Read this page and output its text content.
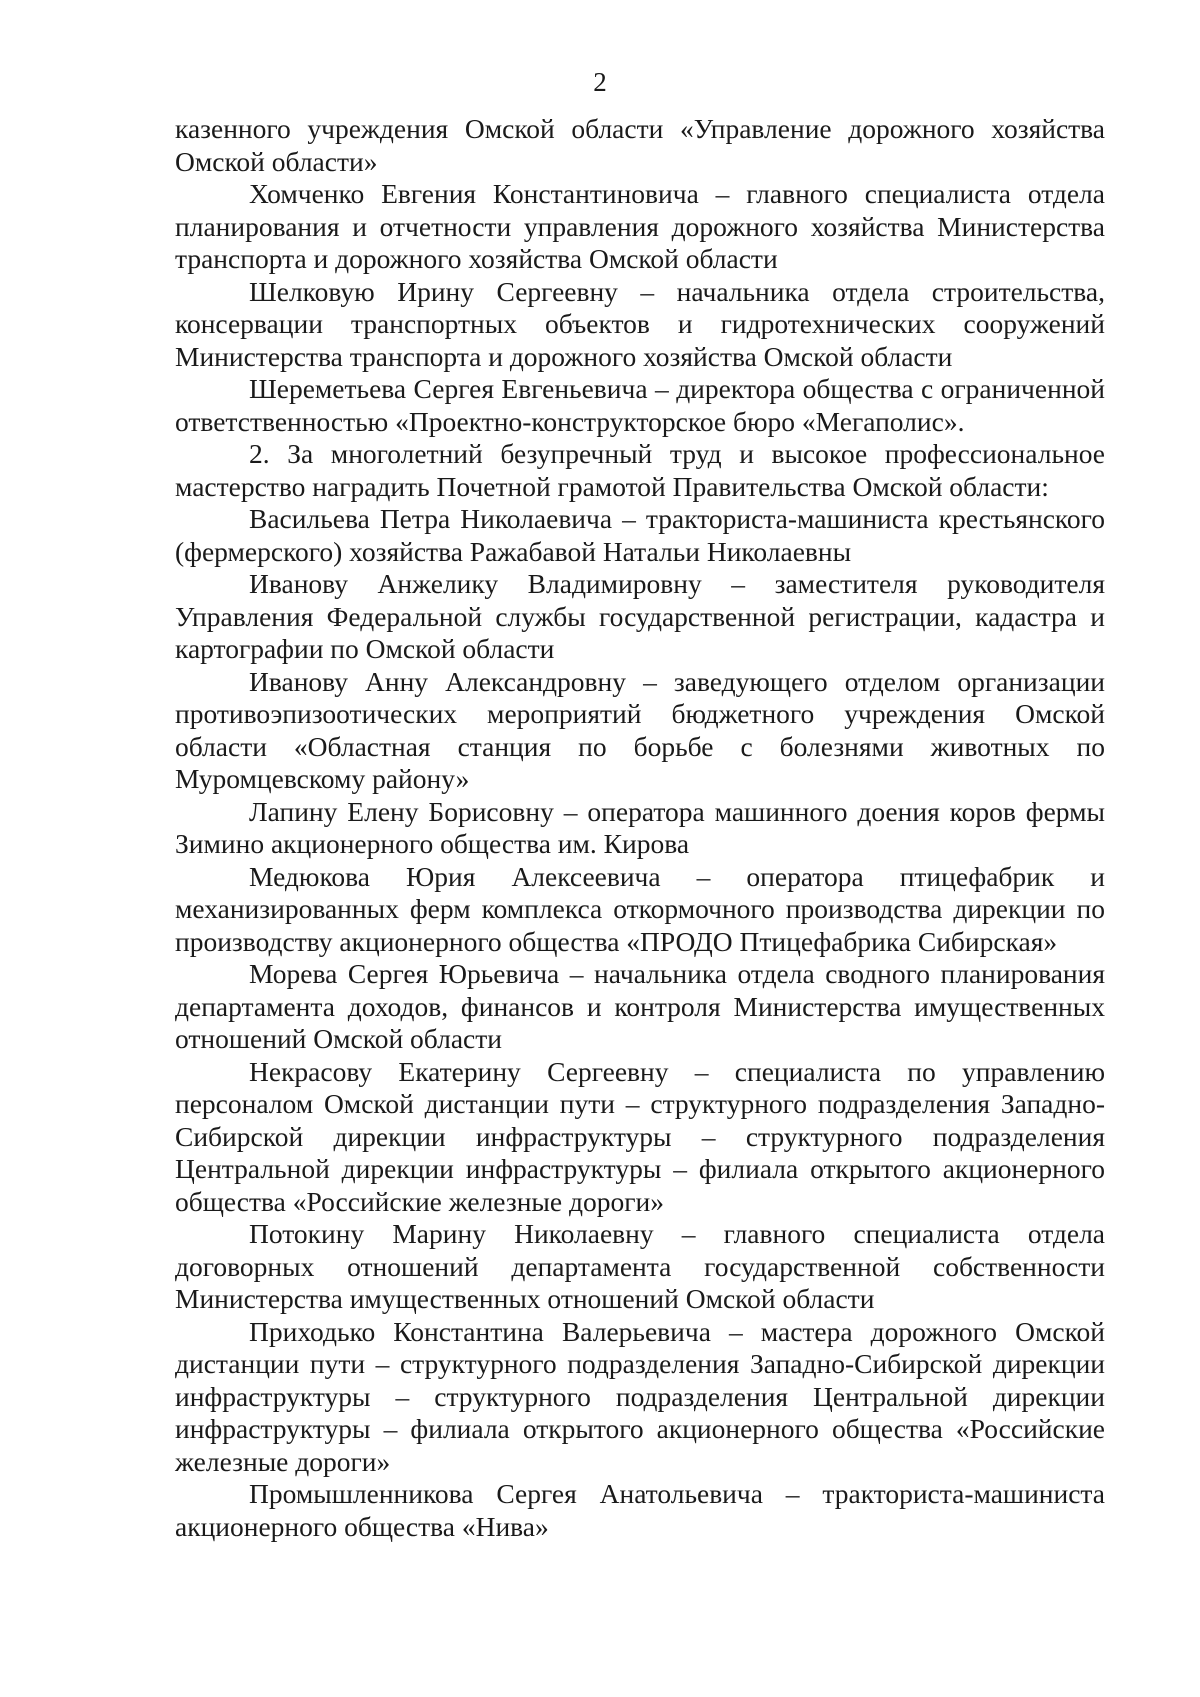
2

казенного учреждения Омской области «Управление дорожного хозяйства Омской области»

Хомченко Евгения Константиновича – главного специалиста отдела планирования и отчетности управления дорожного хозяйства Министерства транспорта и дорожного хозяйства Омской области

Шелковую Ирину Сергеевну – начальника отдела строительства, консервации транспортных объектов и гидротехнических сооружений Министерства транспорта и дорожного хозяйства Омской области

Шереметьева Сергея Евгеньевича – директора общества с ограниченной ответственностью «Проектно-конструкторское бюро «Мегаполис».

2. За многолетний безупречный труд и высокое профессиональное мастерство наградить Почетной грамотой Правительства Омской области:

Васильева Петра Николаевича – тракториста-машиниста крестьянского (фермерского) хозяйства Ражабавой Натальи Николаевны

Иванову Анжелику Владимировну – заместителя руководителя Управления Федеральной службы государственной регистрации, кадастра и картографии по Омской области

Иванову Анну Александровну – заведующего отделом организации противоэпизоотических мероприятий бюджетного учреждения Омской области «Областная станция по борьбе с болезнями животных по Муромцевскому району»

Лапину Елену Борисовну – оператора машинного доения коров фермы Зимино акционерного общества им. Кирова

Медюкова Юрия Алексеевича – оператора птицефабрик и механизированных ферм комплекса откормочного производства дирекции по производству акционерного общества «ПРОДО Птицефабрика Сибирская»

Морева Сергея Юрьевича – начальника отдела сводного планирования департамента доходов, финансов и контроля Министерства имущественных отношений Омской области

Некрасову Екатерину Сергеевну – специалиста по управлению персоналом Омской дистанции пути – структурного подразделения Западно-Сибирской дирекции инфраструктуры – структурного подразделения Центральной дирекции инфраструктуры – филиала открытого акционерного общества «Российские железные дороги»

Потокину Марину Николаевну – главного специалиста отдела договорных отношений департамента государственной собственности Министерства имущественных отношений Омской области

Приходько Константина Валерьевича – мастера дорожного Омской дистанции пути – структурного подразделения Западно-Сибирской дирекции инфраструктуры – структурного подразделения Центральной дирекции инфраструктуры – филиала открытого акционерного общества «Российские железные дороги»

Промышленникова Сергея Анатольевича – тракториста-машиниста акционерного общества «Нива»
